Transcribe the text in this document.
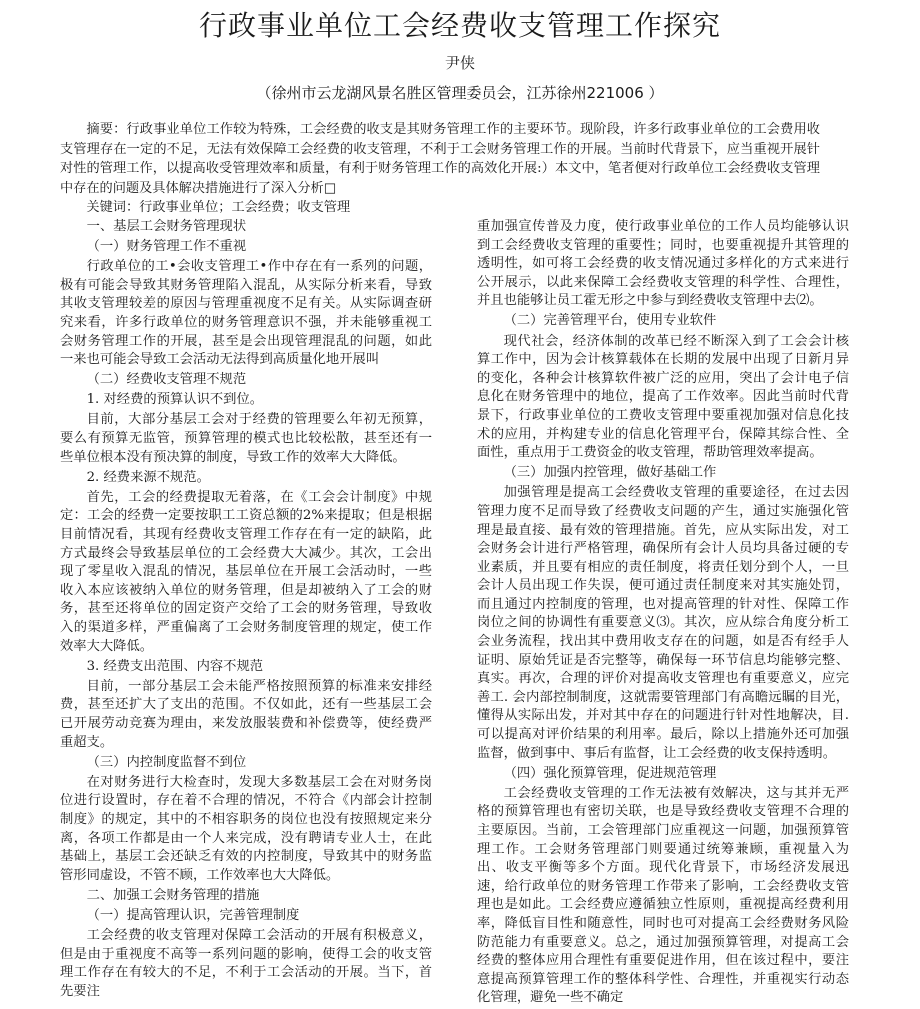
行政事业单位工会经费收支管理工作探究
尹侠
（徐州市云龙湖风景名胜区管理委员会，江苏徐州221006 ）

摘要：行政事业单位工作较为特殊，工会经费的收支是其财务管理工作的主要环节。现阶段，许多行政事业单位的工会费用收支管理存在一定的不足，无法有效保障工会经费的收支管理，不利于工会财务管理工作的开展。当前时代背景下，应当重视开展针对性的管理工作，以提高收受管理效率和质量，有利于财务管理工作的高效化开展:）本文中，笔者便对行政单位工会经费收支管理中存在的问题及具体解决措施进行了深入分析□

关键词：行政事业单位；工会经费；收支管理

一、基层工会财务管理现状

（一）财务管理工作不重视

行政单位的工•会收支管理工•作中存在有一系列的问题，极有可能会导致其财务管理陷入混乱，从实际分析来看，导致其收支管理较差的原因与管理重视度不足有关。从实际调查研究来看，许多行政单位的财务管理意识不强，并未能够重视工会财务管理工作的开展，甚至是会出现管理混乱的问题，如此一来也可能会导致工会活动无法得到高质量化地开展叫

（二）经费收支管理不规范

1. 对经费的预算认识不到位。

目前，大部分基层工会对于经费的管理要么年初无预算，要么有预算无监管，预算管理的模式也比较松散，甚至还有一些单位根本没有预决算的制度，导致工作的效率大大降低。

2. 经费来源不规范。

首先，工会的经费提取无着落，在《工会会计制度》中规定：工会的经费一定要按职工工资总额的2%来提取；但是根据目前情况看，其现有经费收支管理工作存在有一定的缺陷，此方式最终会导致基层单位的工会经费大大减少。其次，工会出现了零星收入混乱的情况，基层单位在开展工会活动时，一些收入本应该被纳入单位的财务管理，但是却被纳入了工会的财务，甚至还将单位的固定资产交给了工会的财务管理，导致收入的渠道多样，严重偏离了工会财务制度管理的规定，使工作效率大大降低。

3. 经费支出范围、内容不规范

目前，一部分基层工会未能严格按照预算的标准来安排经费，甚至还扩大了支出的范围。不仅如此，还有一些基层工会已开展劳动竞赛为理由，来发放服装费和补偿费等，使经费严重超支。

（三）内控制度监督不到位

在对财务进行大检查时，发现大多数基层工会在对财务岗位进行设置时，存在着不合理的情况，不符合《内部会计控制制度》的规定，其中的不相容职务的岗位也没有按照规定来分离，各项工作都是由一个人来完成，没有聘请专业人士，在此基础上，基层工会还缺乏有效的内控制度，导致其中的财务监管形同虚设，不管不顾，工作效率也大大降低。

二、加强工会财务管理的措施

（一）提高管理认识，完善管理制度

工会经费的收支管理对保障工会活动的开展有积极意义，但是由于重视度不高等一系列问题的影响，使得工会的收支管理工作存在有较大的不足，不利于工会活动的开展。当下，首先要注

重加强宣传普及力度，使行政事业单位的工作人员均能够认识到工会经费收支管理的重要性；同时，也要重视提升其管理的透明性，如可将工会经费的收支情况通过多样化的方式来进行公开展示，以此来保障工会经费收支管理的科学性、合理性，并且也能够让员工霍无形之中参与到经费收支管理中去⑵。

（二）完善管理平台，使用专业软件

现代社会，经济体制的改革已经不断深入到了工会会计核算工作中，因为会计核算载体在长期的发展中出现了日新月异的变化，各种会计核算软件被广泛的应用，突出了会计电子信息化在财务管理中的地位，提高了工作效率。因此当前时代背景下，行政事业单位的工费收支管理中要重视加强对信息化技术的应用，并构建专业的信息化管理平台，保障其综合性、全面性，重点用于工费资金的收支管理，帮助管理效率提高。

（三）加强内控管理，做好基础工作

加强管理是提高工会经费收支管理的重要途径，在过去因管理力度不足而导致了经费收支问题的产生，通过实施强化管理是最直接、最有效的管理措施。首先，应从实际出发，对工会财务会计进行严格管理，确保所有会计人员均具备过硬的专业素质，并且要有相应的责任制度，将责任划分到个人，一旦会计人员出现工作失误，便可通过责任制度来对其实施处罚，而且通过内控制度的管理，也对提高管理的针对性、保障工作岗位之间的协调性有重要意义⑶。其次，应从综合角度分析工会业务流程，找出其中费用收支存在的问题，如是否有经手人证明、原始凭证是否完整等，确保每一环节信息均能够完整、真实。再次，合理的评价对提高收支管理也有重要意义，应完善工. 会内部控制制度，这就需要管理部门有高瞻远瞩的目光，懂得从实际出发，并对其中存在的问题进行针对性地解决，目. 可以提高对评价结果的利用率。最后，除以上措施外还可加强监督，做到事中、事后有监督，让工会经费的收支保持透明。

（四）强化预算管理，促进规范管理

工会经费收支管理的工作无法被有效解决，这与其并无严格的预算管理也有密切关联，也是导致经费收支管理不合理的主要原因。当前，工会管理部门应重视这一问题，加强预算管理工作。工会财务管理部门则要通过统筹兼顾，重视量入为出、收支平衡等多个方面。现代化背景下，市场经济发展迅速，给行政单位的财务管理工作带来了影响，工会经费收支管理也是如此。工会经费应遵循独立性原则，重视提高经费利用率，降低盲目性和随意性，同时也可对提高工会经费财务风险防范能力有重要意义。总之，通过加强预算管理，对提高工会经费的整体应用合理性有重要促进作用，但在该过程中，要注意提高预算管理工作的整体科学性、合理性，并重视实行动态化管理，避免一些不确定
